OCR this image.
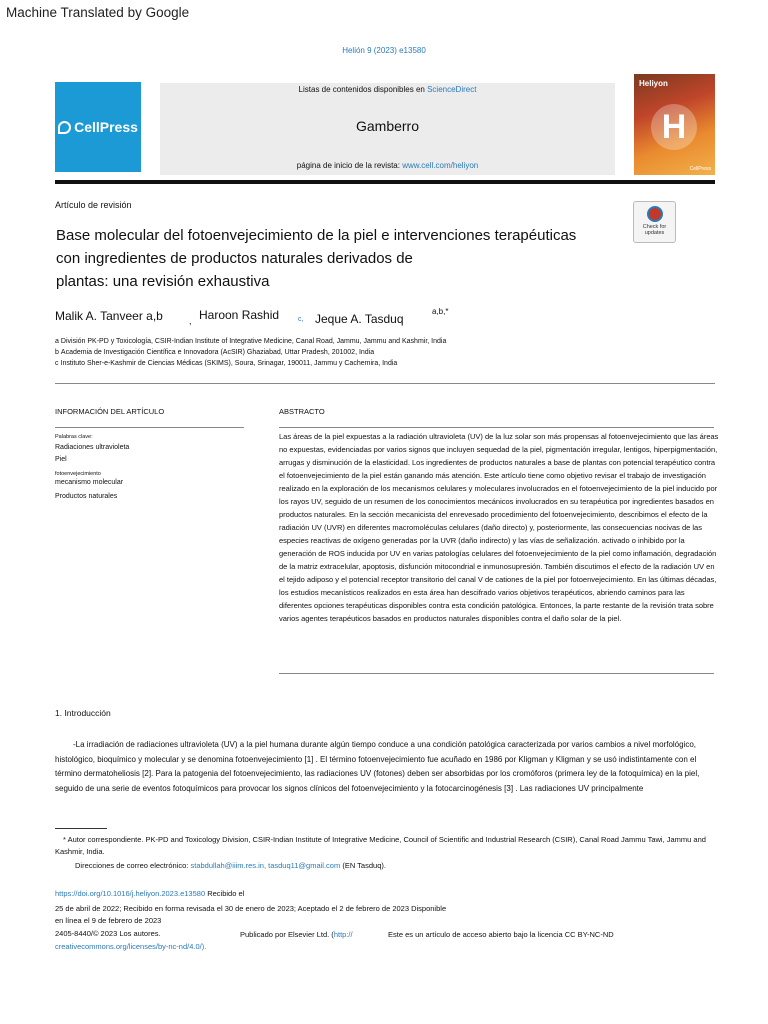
Machine Translated by Google
Helión 9 (2023) e13580
CellPress
Listas de contenidos disponibles en ScienceDirect
Gamberro
página de inicio de la revista: www.cell.com/heliyon
Heliyon
H
CellPress
Artículo de revisión
Base molecular del fotoenvejecimiento de la piel e intervenciones terapéuticas
con ingredientes de productos naturales derivados de
plantas: una revisión exhaustiva
Check for
updates
Malik A. Tanveer a,b	, Haroon Rashid	c, Jeque A. Tasduq
a,b,*
a División PK-PD y Toxicología, CSIR-Indian Institute of Integrative Medicine, Canal Road, Jammu, Jammu and Kashmir, India
b Academia de Investigación Científica e Innovadora (AcSIR) Ghaziabad, Uttar Pradesh, 201002, India
c Instituto Sher-e-Kashmir de Ciencias Médicas (SKIMS), Soura, Srinagar, 190011, Jammu y Cachemira, India
INFORMACIÓN DEL ARTÍCULO
Palabras clave:
Radiaciones ultravioleta
Piel
fotoenvejecimiento
mecanismo molecular
Productos naturales
ABSTRACTO
Las áreas de la piel expuestas a la radiación ultravioleta (UV) de la luz solar son más propensas al fotoenvejecimiento que las áreas no expuestas, evidenciadas por varios signos que incluyen sequedad de la piel, pigmentación irregular, lentigos, hiperpigmentación, arrugas y disminución de la elasticidad. Los ingredientes de productos naturales a base de plantas con potencial terapéutico contra el fotoenvejecimiento de la piel están ganando más atención. Este artículo tiene como objetivo revisar el trabajo de investigación realizado en la exploración de los mecanismos celulares y moleculares involucrados en el fotoenvejecimiento de la piel inducido por los rayos UV, seguido de un resumen de los conocimientos mecánicos involucrados en su terapéutica por ingredientes basados en productos naturales. En la sección mecanicista del enrevesado procedimiento del fotoenvejecimiento, describimos el efecto de la radiación UV (UVR) en diferentes macromoléculas celulares (daño directo) y, posteriormente, las consecuencias nocivas de las especies reactivas de oxígeno generadas por la UVR (daño indirecto) y las vías de señalización. activado o inhibido por la generación de ROS inducida por UV en varias patologías celulares del fotoenvejecimiento de la piel como inflamación, degradación de la matriz extracelular, apoptosis, disfunción mitocondrial e inmunosupresión. También discutimos el efecto de la radiación UV en el tejido adiposo y el potencial receptor transitorio del canal V de cationes de la piel por fotoenvejecimiento. En las últimas décadas, los estudios mecanísticos realizados en esta área han descifrado varios objetivos terapéuticos, abriendo caminos para las diferentes opciones terapéuticas disponibles contra esta condición patológica. Entonces, la parte restante de la revisión trata sobre varios agentes terapéuticos basados en productos naturales disponibles contra el daño solar de la piel.
1. Introducción
-La irradiación de radiaciones ultravioleta (UV) a la piel humana durante algún tiempo conduce a una condición patológica caracterizada por varios cambios a nivel morfológico, histológico, bioquímico y molecular y se denomina fotoenvejecimiento [1] . El término fotoenvejecimiento fue acuñado en 1986 por Kligman y Kligman y se usó indistintamente con el término dermatoheliosis [2]. Para la patogenia del fotoenvejecimiento, las radiaciones UV (fotones) deben ser absorbidas por los cromóforos (primera ley de la fotoquímica) en la piel, seguido de una serie de eventos fotoquímicos para provocar los signos clínicos del fotoenvejecimiento y la fotocarcinogénesis [3] . Las radiaciones UV principalmente
* Autor correspondiente. PK-PD and Toxicology Division, CSIR-Indian Institute of Integrative Medicine, Council of Scientific and Industrial Research (CSIR), Canal Road Jammu Tawi, Jammu and Kashmir, India.
Direcciones de correo electrónico: stabdullah@iiim.res.in, tasduq11@gmail.com (EN Tasduq).
https://doi.org/10.1016/j.heliyon.2023.e13580 Recibido el
25 de abril de 2022; Recibido en forma revisada el 30 de enero de 2023; Aceptado el 2 de febrero de 2023 Disponible
en línea el 9 de febrero de 2023
2405-8440/© 2023 Los autores.	Publicado por Elsevier Ltd. (http://	Este es un artículo de acceso abierto bajo la licencia CC BY-NC-ND
creativecommons.org/licenses/by-nc-nd/4.0/).
